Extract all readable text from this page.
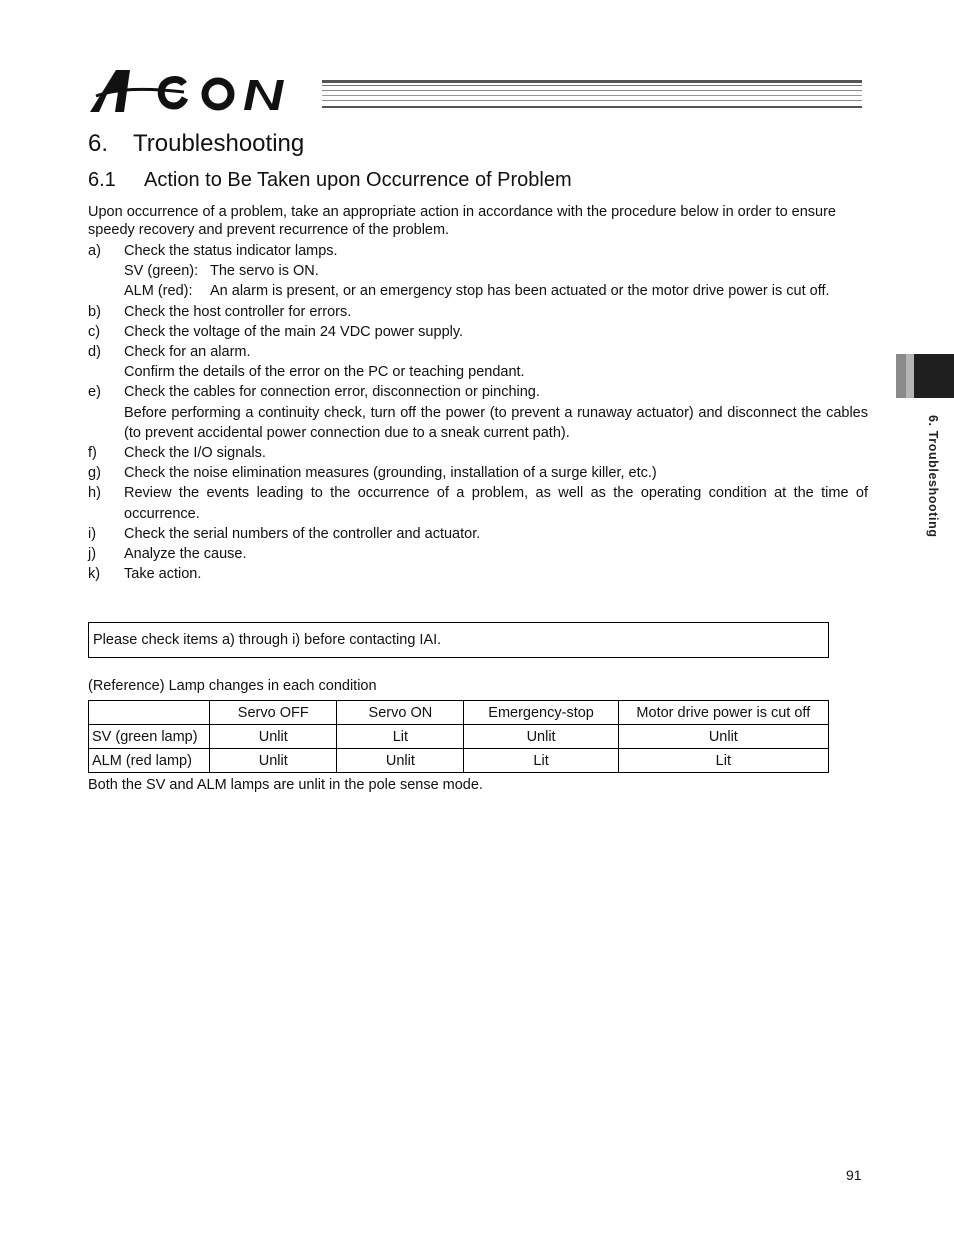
6. Troubleshooting
6.1 Action to Be Taken upon Occurrence of Problem
Upon occurrence of a problem, take an appropriate action in accordance with the procedure below in order to ensure speedy recovery and prevent recurrence of the problem.
a)	Check the status indicator lamps.
SV (green): The servo is ON.
ALM (red): An alarm is present, or an emergency stop has been actuated or the motor drive power is cut off.
b)	Check the host controller for errors.
c)	Check the voltage of the main 24 VDC power supply.
d)	Check for an alarm.
Confirm the details of the error on the PC or teaching pendant.
e)	Check the cables for connection error, disconnection or pinching.
Before performing a continuity check, turn off the power (to prevent a runaway actuator) and disconnect the cables (to prevent accidental power connection due to a sneak current path).
f)	Check the I/O signals.
g)	Check the noise elimination measures (grounding, installation of a surge killer, etc.)
h)	Review the events leading to the occurrence of a problem, as well as the operating condition at the time of occurrence.
i)	Check the serial numbers of the controller and actuator.
j)	Analyze the cause.
k)	Take action.
Please check items a) through i) before contacting IAI.
(Reference) Lamp changes in each condition
	Servo OFF	Servo ON	Emergency-stop	Motor drive power is cut off
SV (green lamp)	Unlit	Lit	Unlit	Unlit
ALM (red lamp)	Unlit	Unlit	Lit	Lit
Both the SV and ALM lamps are unlit in the pole sense mode.
6. Troubleshooting
91
